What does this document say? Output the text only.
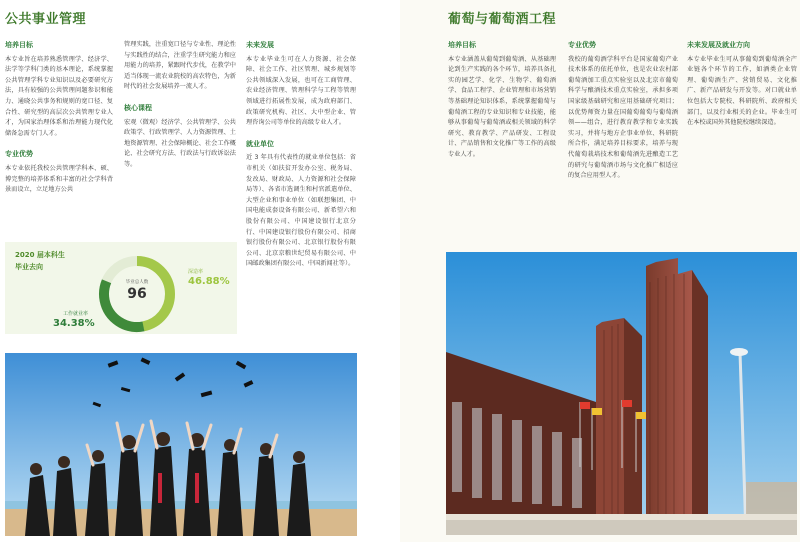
公共事业管理
培养目标

本专业旨在培养熟悉管理学、经济学、法学等学科门类的基本理论，系统掌握公共管理学科专业知识以及必要研究方法，具有较强的公共管理问题参识和能力、通晓公共事务和规则的宽口径、复合性、研究型的高层次公共管理专业人才，为国家治理体系和治理能力现代化储备急需专门人才。

专业优势

本专业依托我校公共管理学科本、硕、博完整的培养体系和丰富的社会学科背景而设立，立足地方公共

管理实践，注重宽口径与专业性、理论性与实践性的结合，注重学生研究能力和应用能力的培养，紧跟时代步伐，在教学中适当体现一流农业院校的高农特色，为新时代的社会发展培养一流人才。

核心课程

宏观（微观）经济学、公共管理学、公共政策学、行政管理学、人力资源管理、土地资源管理、社会保障概论、社会工作概论、社会研究方法、行政法与行政诉讼法等。

未来发展

本专业毕业生可在人力资源、社会保障、社会工作、社区管理、城乡规划等公共领域深入发展，也可在工商管理、农业经济管理、管理科学与工程等管理领域进行拓展性发展，成为政府部门、政策研究机构、社区、大中型企业、管理咨询公司等单位的高级专业人才。

就业单位

近 3 年具有代表性的就业单位包括：省市机关（如扶贫开发办公室、税务局、发改局、财政局、人力资源和社会保障局等）、各省市选调生和村官派遣单位、大型企业和事业单位（如联想集团、中国电能成套设备有限公司、新希望六和股份有限公司、中国建设银行北京分行、中国建设银行股份有限公司、招商银行股份有限公司、北京银行股份有限公司、北京京粮世纪贸易有限公司、中国邮政集团有限公司、中国新闻社等）。

2020 届本科生
毕业去向
毕业总人数
96
深造率
46.88%
工作就业率
34.38%
葡萄与葡萄酒工程
培养目标

本专业涵盖从葡萄到葡萄酒、从基础理论到生产实践的各个环节，培养具备扎实的园艺学、化学、生物学、葡萄酒学、食品工程学、企业管理和市场营销等基础理论知识体系，系统掌握葡萄与葡萄酒工程的专业知识和专业技能，能够从事葡萄与葡萄酒或相关领域的科学研究、教育教学、产品研发、工程设计、产品销售和文化推广等工作的高级专业人才。

专业优势

我校的葡萄酒学科平台是国家葡萄产业技术体系的依托单位，也是农业农村部葡萄酒加工重点实验室以及北京市葡萄科学与酿酒技术重点实验室，承担多项国家级基础研究和应用基础研究项目；以优势师资力量在国葡萄葡萄与葡萄酒领——组合，进行教育教学和专业实践实习，并将与地方企事业单位、科研院所合作，满足培养目标要求，培养与现代葡萄栽培技术和葡萄酒先进酿造工艺的研究与葡萄酒市场与文化推广相适应的复合应用型人才。

未来发展及就业方向

本专业毕业生可从事葡萄到葡萄酒全产业链各个环节的工作，如酒类企业管理、葡萄酒生产、营销贸易、文化推广、新产品研发与开发等。对口就业单位包括大专院校、科研院所、政府相关部门，以及行业相关的企业。毕业生可在本校或国外其他院校继续深造。
